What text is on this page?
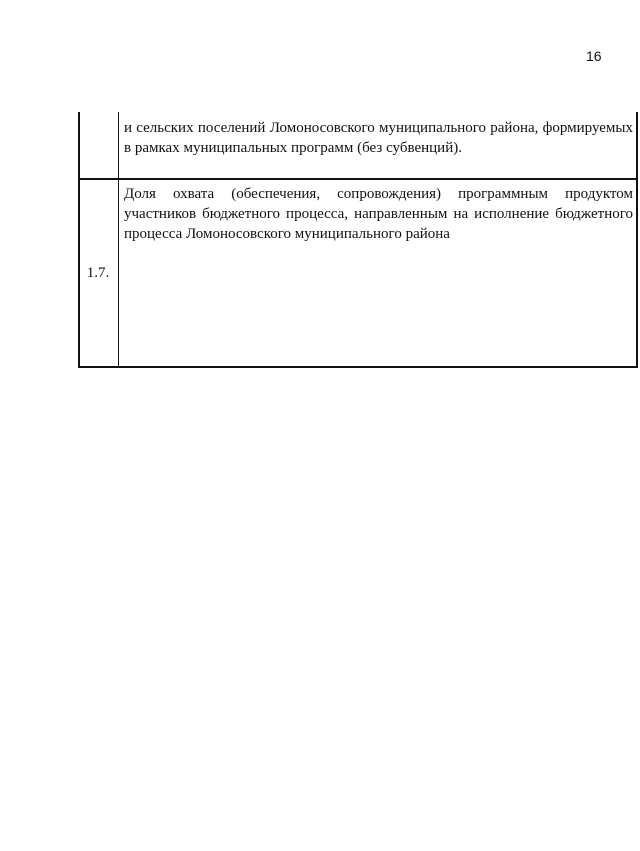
16

	и сельских поселений Ломоносовского муниципального района, формируемых в рамках муниципальных программ (без субвенций).

1.7.	Доля охвата (обеспечения, сопровождения) программным продуктом участников бюджетного процесса, направленным на исполнение бюджетного процесса Ломоносовского муниципального района
